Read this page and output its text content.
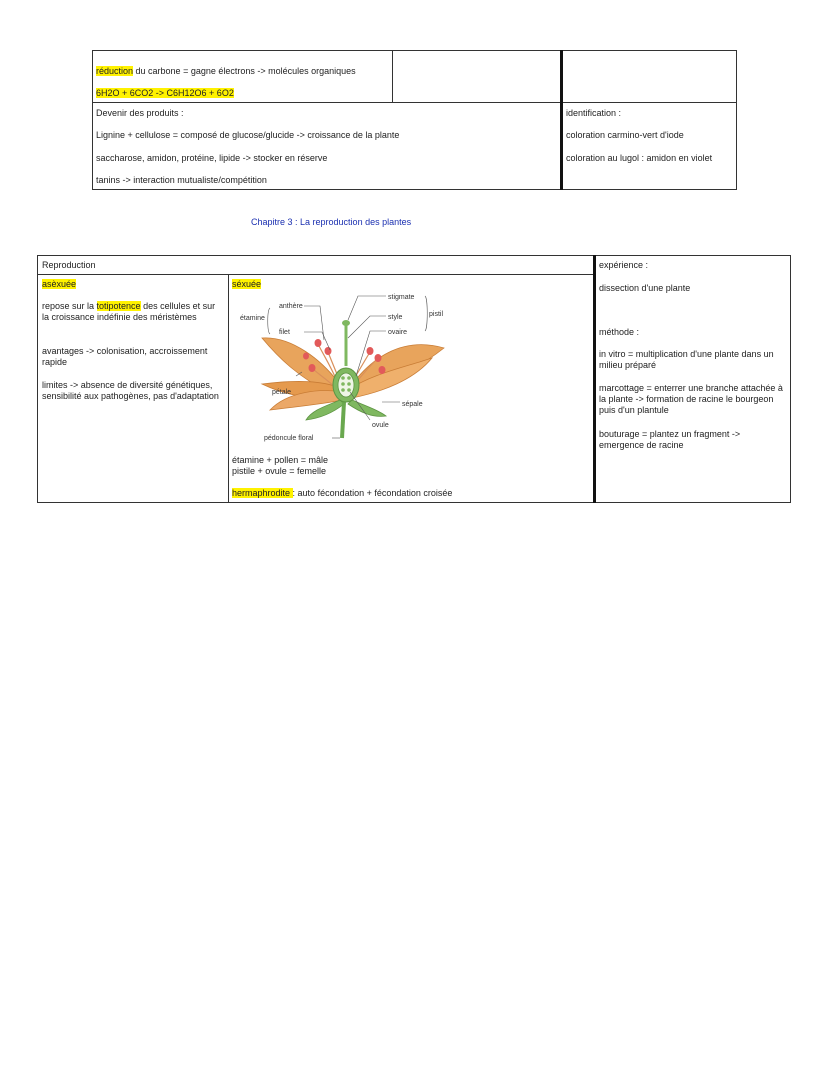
réduction du carbone = gagne électrons -> molécules organiques
6H2O + 6CO2 -> C6H12O6 + 6O2
Devenir des produits :
Lignine + cellulose = composé de glucose/glucide -> croissance de la plante
saccharose, amidon, protéine, lipide -> stocker en réserve
tanins -> interaction mutualiste/compétition
identification :
coloration carmino-vert d'iode
coloration au lugol : amidon en violet
Chapitre 3 : La reproduction des plantes
Reproduction
asèxuée
repose sur la totipotence des cellules et sur la croissance indéfinie des méristèmes
avantages -> colonisation, accroissement rapide
limites -> absence de diversité génétiques, sensibilité aux pathogènes, pas d'adaptation
séxuée
anthère
étamine
filet
stigmate
style	pistil
ovaire
pétale
sépale
ovule
pédoncule floral
étamine + pollen = mâle
pistile + ovule = femelle
hermaphrodite : auto fécondation + fécondation croisée
expérience :
dissection d'une plante
méthode :
in vitro = multiplication d'une plante dans un milieu préparé
marcottage = enterrer une branche attachée à la plante -> formation de racine le bourgeon puis d'un plantule
bouturage = plantez un fragment -> emergence de racine
